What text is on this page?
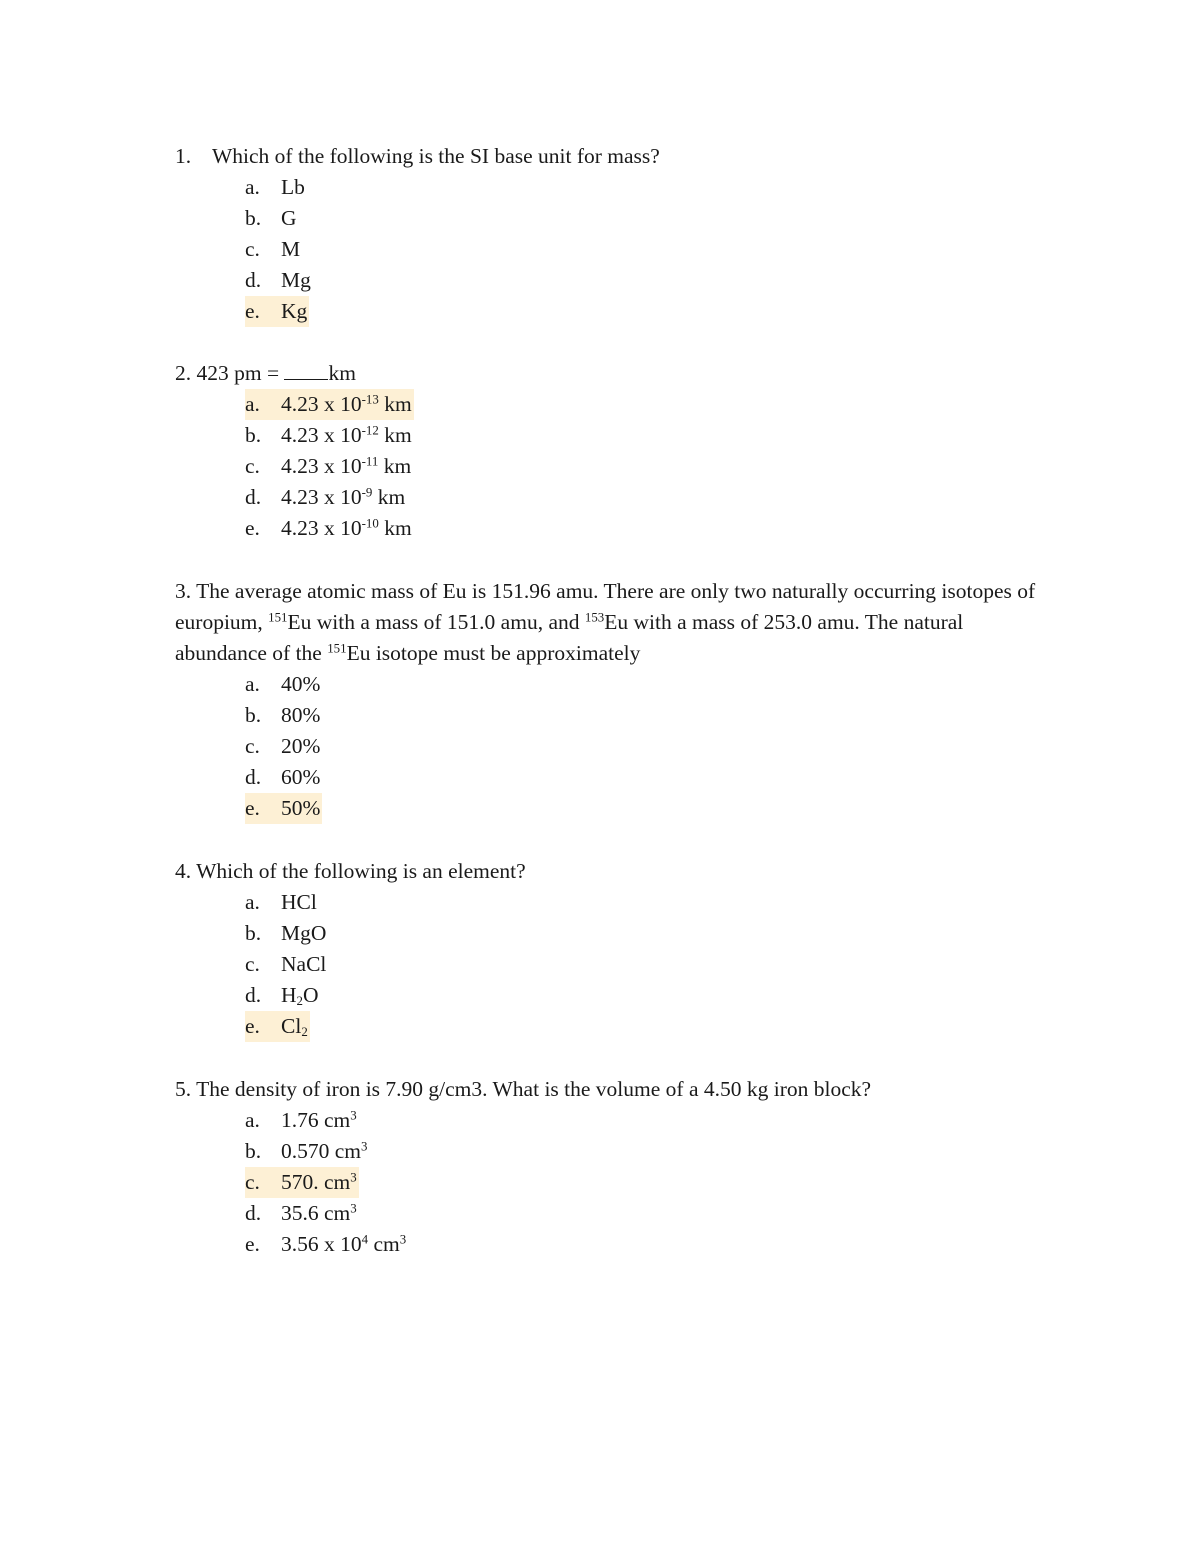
1. Which of the following is the SI base unit for mass?
a. Lb
b. G
c. M
d. Mg
e. Kg
2. 423 pm = km
a. 4.23 x $10^{-13}$ km
b. 4.23 x $10^{-12}$ km
c. 4.23 x $10^{-11}$ km
d. 4.23 x $10^{-9}$ km
e. 4.23 x $10^{-10}$ km
3. The average atomic mass of Eu is 151.96 amu. There are only two naturally occurring isotopes of europium, $^{151}$Eu with a mass of 151.0 amu, and $^{153}$Eu with a mass of 253.0 amu. The natural abundance of the $^{151}$Eu isotope must be approximately
a. 40%
b. 80%
c. 20%
d. 60%
e. 50%
4. Which of the following is an element?
a. HCl
b. MgO
c. NaCl
d. $H_2O$
e. $Cl_2$
5. The density of iron is 7.90 g/cm3. What is the volume of a 4.50 kg iron block?
a. 1.76 $cm^3$
b. 0.570 $cm^3$
c. 570. $cm^3$
d. 35.6 $cm^3$
e. 3.56 x $10^4$ $cm^3$
